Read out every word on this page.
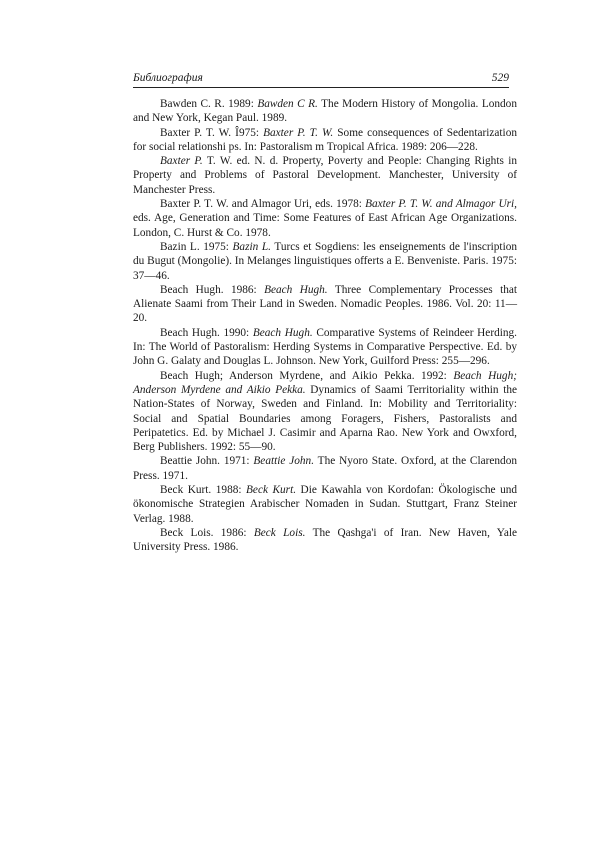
Библиография	529

Bawden C. R. 1989: Bawden C R. The Modern History of Mongolia. London and New York, Kegan Paul. 1989.

Baxter P. T. W. Î975: Baxter P. T. W. Some consequences of Sedentarization for social relationshi ps. In: Pastoralism m Tropical Africa. 1989: 206—228.

Baxter P. T. W. ed. N. d. Property, Poverty and People: Changing Rights in Property and Problems of Pastoral Development. Manchester, University of Manchester Press.

Baxter P. T. W. and Almagor Uri, eds. 1978: Baxter P. T. W. and Almagor Uri, eds. Age, Generation and Time: Some Features of East African Age Organizations. London, C. Hurst & Co. 1978.

Bazin L. 1975: Bazin L. Turcs et Sogdiens: les enseignements de l'inscription du Bugut (Mongolie). In Melanges linguistiques offerts a E. Benveniste. Paris. 1975: 37—46.

Beach Hugh. 1986: Beach Hugh. Three Complementary Processes that Alienate Saami from Their Land in Sweden. Nomadic Peoples. 1986. Vol. 20: 11—20.

Beach Hugh. 1990: Beach Hugh. Comparative Systems of Reindeer Herding. In: The World of Pastoralism: Herding Systems in Comparative Perspective. Ed. by John G. Galaty and Douglas L. Johnson. New York, Guilford Press: 255—296.

Beach Hugh; Anderson Myrdene, and Aikio Pekka. 1992: Beach Hugh; Anderson Myrdene and Aikio Pekka. Dynamics of Saami Territoriality within the Nation-States of Norway, Sweden and Finland. In: Mobility and Territoriality: Social and Spatial Boundaries among Foragers, Fishers, Pastoralists and Peripatetics. Ed. by Michael J. Casimir and Aparna Rao. New York and Owxford, Berg Publishers. 1992: 55—90.

Beattie John. 1971: Beattie John. The Nyoro State. Oxford, at the Clarendon Press. 1971.

Beck Kurt. 1988: Beck Kurt. Die Kawahla von Kordofan: Ökologische und ökonomische Strategien Arabischer Nomaden in Sudan. Stuttgart, Franz Steiner Verlag. 1988.

Beck Lois. 1986: Beck Lois. The Qashga'i of Iran. New Haven, Yale University Press. 1986.
